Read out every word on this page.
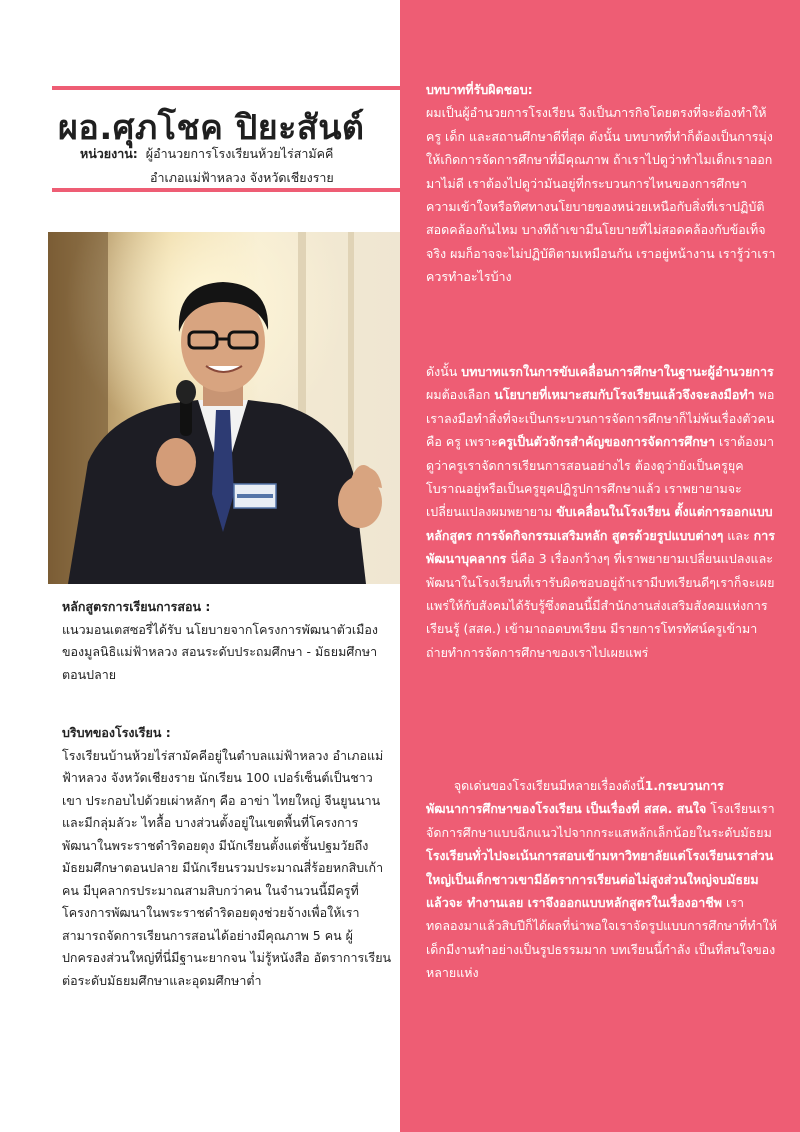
ผอ.ศุภโชค ปิยะสันต์
หน่วยงาน: ผู้อำนวยการโรงเรียนห้วยไร่สามัคคี
อำเภอแม่ฟ้าหลวง จังหวัดเชียงราย
หลักสูตรการเรียนการสอน :

แนวมอนเตสซอรี่ได้รับ นโยบายจากโครงการพัฒนาตัวเมืองของมูลนิธิแม่ฟ้าหลวง สอนระดับประถมศึกษา - มัธยมศึกษาตอนปลาย

บริบทของโรงเรียน :

โรงเรียนบ้านห้วยไร่สามัคคีอยู่ในตำบลแม่ฟ้าหลวง อำเภอแม่ฟ้าหลวง จังหวัดเชียงราย นักเรียน 100 เปอร์เซ็นต์เป็นชาวเขา ประกอบไปด้วยเผ่าหลักๆ คือ อาข่า ไทยใหญ่ จีนยูนนาน และมีกลุ่มลัวะ ไทลื้อ บางส่วนตั้งอยู่ในเขตพื้นที่โครงการพัฒนาในพระราชดำริดอยตุง มีนักเรียนตั้งแต่ชั้นปฐมวัยถึงมัธยมศึกษาตอนปลาย มีนักเรียนรวมประมาณสี่ร้อยหกสิบเก้าคน มีบุคลากรประมาณสามสิบกว่าคน ในจำนวนนี้มีครูที่โครงการพัฒนาในพระราชดำริดอยตุงช่วยจ้างเพื่อให้เราสามารถจัดการเรียนการสอนได้อย่างมีคุณภาพ 5 คน ผู้ปกครองส่วนใหญ่ที่นี่มีฐานะยากจน ไม่รู้หนังสือ อัตราการเรียนต่อระดับมัธยมศึกษาและอุดมศึกษาต่ำ

บทบาทที่รับผิดชอบ:

ผมเป็นผู้อำนวยการโรงเรียน จึงเป็นภารกิจโดยตรงที่จะต้องทำให้ครู เด็ก และสถานศึกษาดีที่สุด ดังนั้น บทบาทที่ทำก็ต้องเป็นการมุ่งให้เกิดการจัดการศึกษาที่มีคุณภาพ ถ้าเราไปดูว่าทำไมเด็กเราออกมาไม่ดี เราต้องไปดูว่ามันอยู่ที่กระบวนการไหนของการศึกษา ความเข้าใจหรือทิศทางนโยบายของหน่วยเหนือกับสิ่งที่เราปฏิบัติสอดคล้องกันไหม บางทีถ้าเขามีนโยบายที่ไม่สอดคล้องกับข้อเท็จจริง ผมก็อาจจะไม่ปฏิบัติตามเหมือนกัน เราอยู่หน้างาน เรารู้ว่าเราควรทำอะไรบ้าง

ดังนั้น บทบาทแรกในการขับเคลื่อนการศึกษาในฐานะผู้อำนวยการ ผมต้องเลือก นโยบายที่เหมาะสมกับโรงเรียนแล้วจึงจะลงมือทำ พอเราลงมือทำสิ่งที่จะเป็นกระบวนการจัดการศึกษาก็ไม่พ้นเรื่องตัวคนคือ ครู เพราะครูเป็นตัวจักรสำคัญของการจัดการศึกษา เราต้องมาดูว่าครูเราจัดการเรียนการสอนอย่างไร ต้องดูว่ายังเป็นครูยุคโบราณอยู่หรือเป็นครูยุคปฏิรูปการศึกษาแล้ว เราพยายามจะเปลี่ยนแปลงผมพยายาม ขับเคลื่อนในโรงเรียน ตั้งแต่การออกแบบหลักสูตร การจัดกิจกรรมเสริมหลัก สูตรด้วยรูปแบบต่างๆ และ การพัฒนาบุคลากร นี่คือ 3 เรื่องกว้างๆ ที่เราพยายามเปลี่ยนแปลงและพัฒนาในโรงเรียนที่เรารับผิดชอบอยู่ถ้าเรามีบทเรียนดีๆเราก็จะเผยแพร่ให้กับสังคมได้รับรู้ซึ่งตอนนี้มีสำนักงานส่งเสริมสังคมแห่งการเรียนรู้ (สสค.) เข้ามาถอดบทเรียน มีรายการโทรทัศน์ครูเข้ามาถ่ายทำการจัดการศึกษาของเราไปเผยแพร่

จุดเด่นของโรงเรียนมีหลายเรื่องดังนี้1.กระบวนการพัฒนาการศึกษาของโรงเรียน เป็นเรื่องที่ สสค. สนใจ โรงเรียนเราจัดการศึกษาแบบฉีกแนวไปจากกระแสหลักเล็กน้อยในระดับมัธยม โรงเรียนทั่วไปจะเน้นการสอบเข้ามหาวิทยาลัยแต่โรงเรียนเราส่วนใหญ่เป็นเด็กชาวเขามีอัตราการเรียนต่อไม่สูงส่วนใหญ่จบมัธยมแล้วจะ ทำงานเลย เราจึงออกแบบหลักสูตรในเรื่องอาชีพ เราทดลองมาแล้วสิบปีก็ได้ผลที่น่าพอใจเราจัดรูปแบบการศึกษาที่ทำให้เด็กมีงานทำอย่างเป็นรูปธรรมมาก บทเรียนนี้กำลัง เป็นที่สนใจของหลายแห่ง
